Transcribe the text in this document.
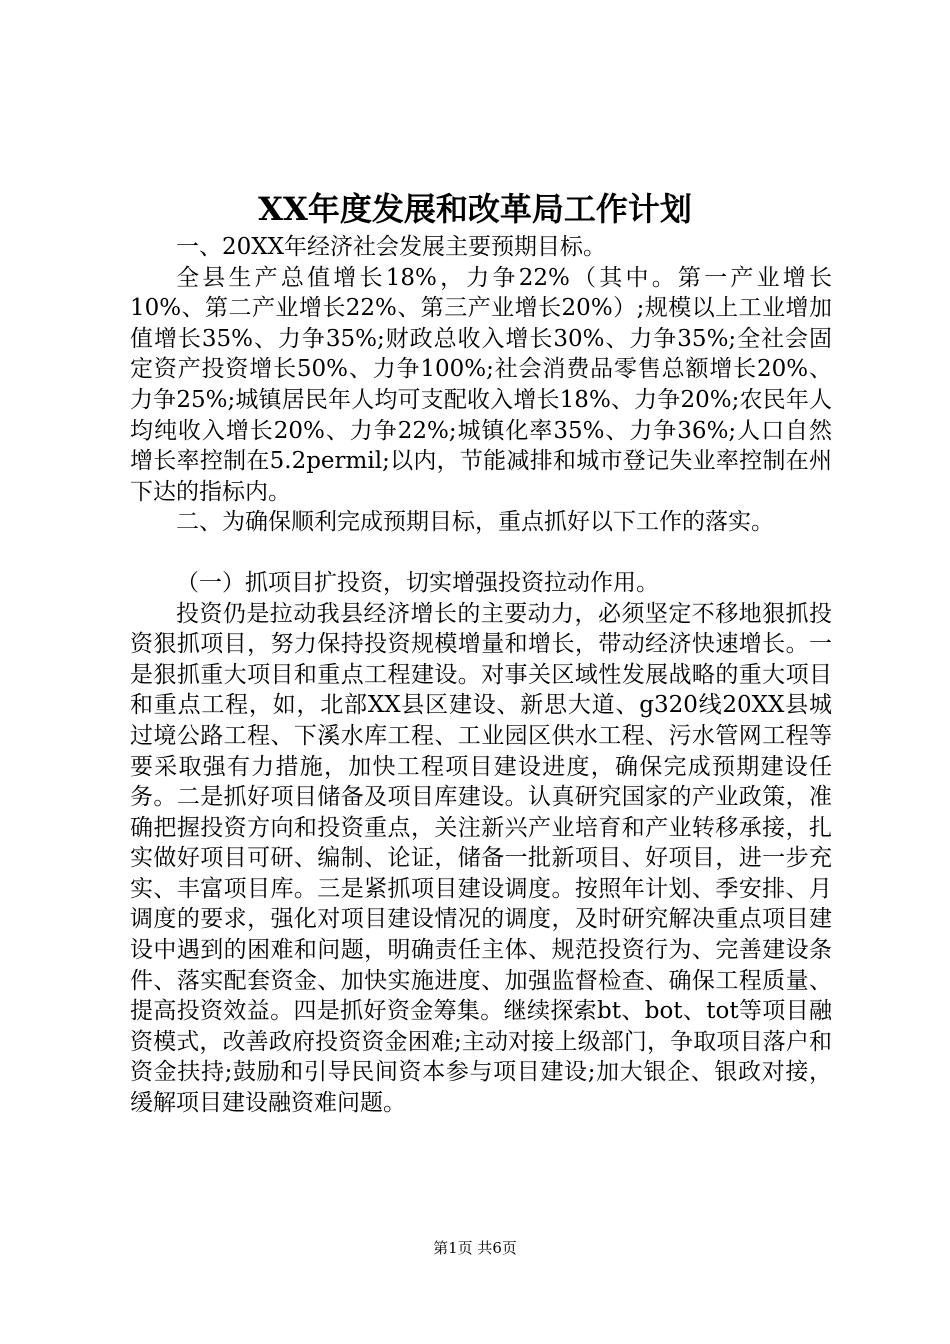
XX年度发展和改革局工作计划

一、20XX年经济社会发展主要预期目标。

全县生产总值增长18%，力争22%（其中。第一产业增长10%、第二产业增长22%、第三产业增长20%）;规模以上工业增加值增长35%、力争35%;财政总收入增长30%、力争35%;全社会固定资产投资增长50%、力争100%;社会消费品零售总额增长20%、力争25%;城镇居民年人均可支配收入增长18%、力争20%;农民年人均纯收入增长20%、力争22%;城镇化率35%、力争36%;人口自然增长率控制在5.2permil;以内，节能减排和城市登记失业率控制在州下达的指标内。

二、为确保顺利完成预期目标，重点抓好以下工作的落实。

（一）抓项目扩投资，切实增强投资拉动作用。

投资仍是拉动我县经济增长的主要动力，必须坚定不移地狠抓投资狠抓项目，努力保持投资规模增量和增长，带动经济快速增长。一是狠抓重大项目和重点工程建设。对事关区域性发展战略的重大项目和重点工程，如，北部XX县区建设、新思大道、g320线20XX县城过境公路工程、下溪水库工程、工业园区供水工程、污水管网工程等要采取强有力措施，加快工程项目建设进度，确保完成预期建设任务。二是抓好项目储备及项目库建设。认真研究国家的产业政策，准确把握投资方向和投资重点，关注新兴产业培育和产业转移承接，扎实做好项目可研、编制、论证，储备一批新项目、好项目，进一步充实、丰富项目库。三是紧抓项目建设调度。按照年计划、季安排、月调度的要求，强化对项目建设情况的调度，及时研究解决重点项目建设中遇到的困难和问题，明确责任主体、规范投资行为、完善建设条件、落实配套资金、加快实施进度、加强监督检查、确保工程质量、提高投资效益。四是抓好资金筹集。继续探索bt、bot、tot等项目融资模式，改善政府投资资金困难;主动对接上级部门，争取项目落户和资金扶持;鼓励和引导民间资本参与项目建设;加大银企、银政对接，缓解项目建设融资难问题。

第1页 共6页
